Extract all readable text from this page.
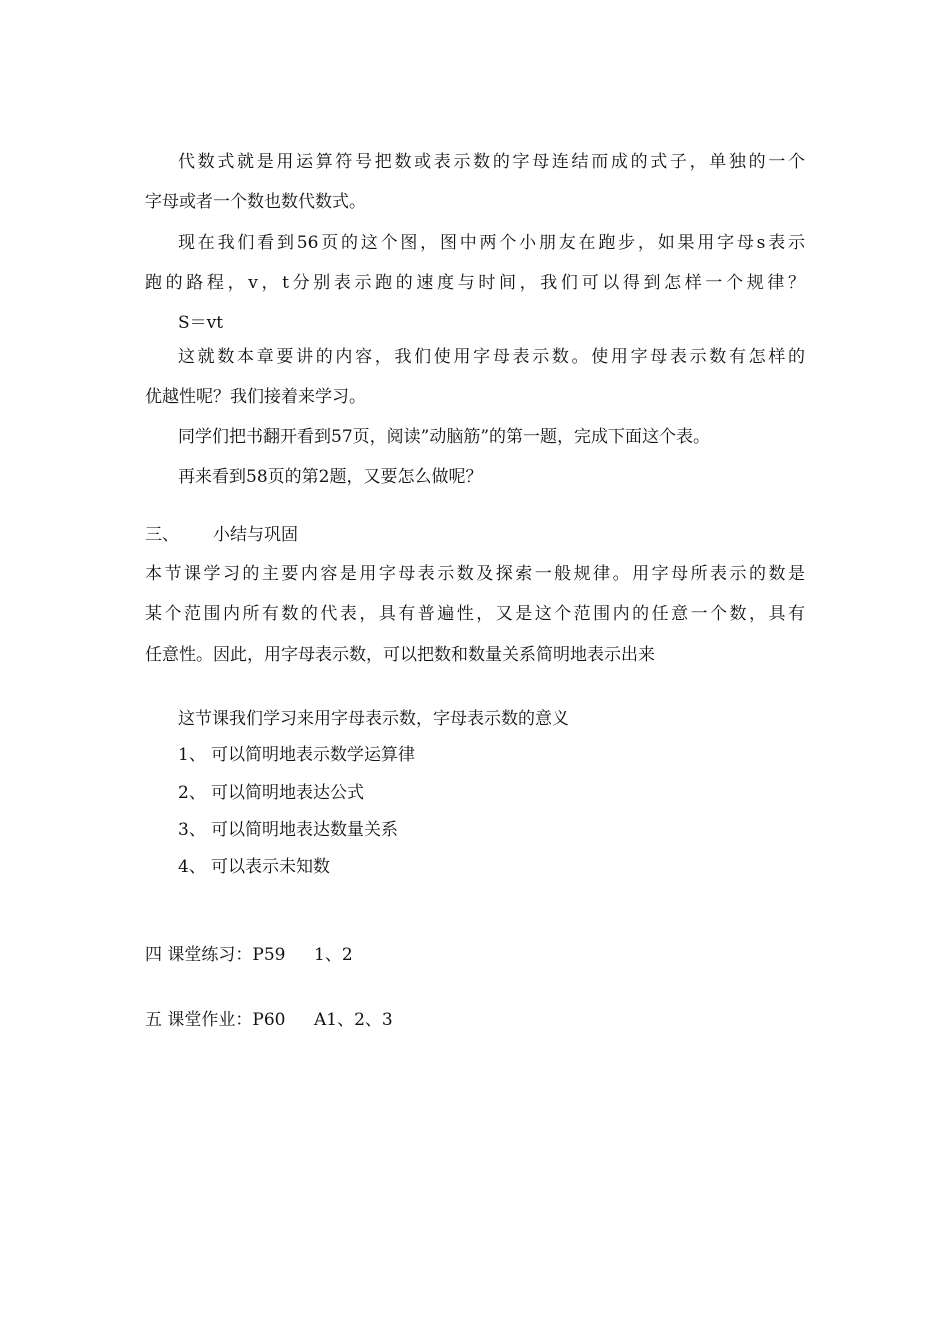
代数式就是用运算符号把数或表示数的字母连结而成的式子，单独的一个
字母或者一个数也数代数式。
现在我们看到56页的这个图，图中两个小朋友在跑步，如果用字母s表示
跑的路程，v，t分别表示跑的速度与时间，我们可以得到怎样一个规律？
S＝vt
这就数本章要讲的内容，我们使用字母表示数。使用字母表示数有怎样的
优越性呢？我们接着来学习。
同学们把书翻开看到57页，阅读”动脑筋”的第一题，完成下面这个表。
再来看到58页的第2题，又要怎么做呢？
三、 小结与巩固
本节课学习的主要内容是用字母表示数及探索一般规律。用字母所表示的数是
某个范围内所有数的代表，具有普遍性，又是这个范围内的任意一个数，具有
任意性。因此，用字母表示数，可以把数和数量关系简明地表示出来
这节课我们学习来用字母表示数，字母表示数的意义
1、 可以简明地表示数学运算律
2、 可以简明地表达公式
3、 可以简明地表达数量关系
4、 可以表示未知数
四 课堂练习：P59 1、2
五 课堂作业：P60 A1、2、3
